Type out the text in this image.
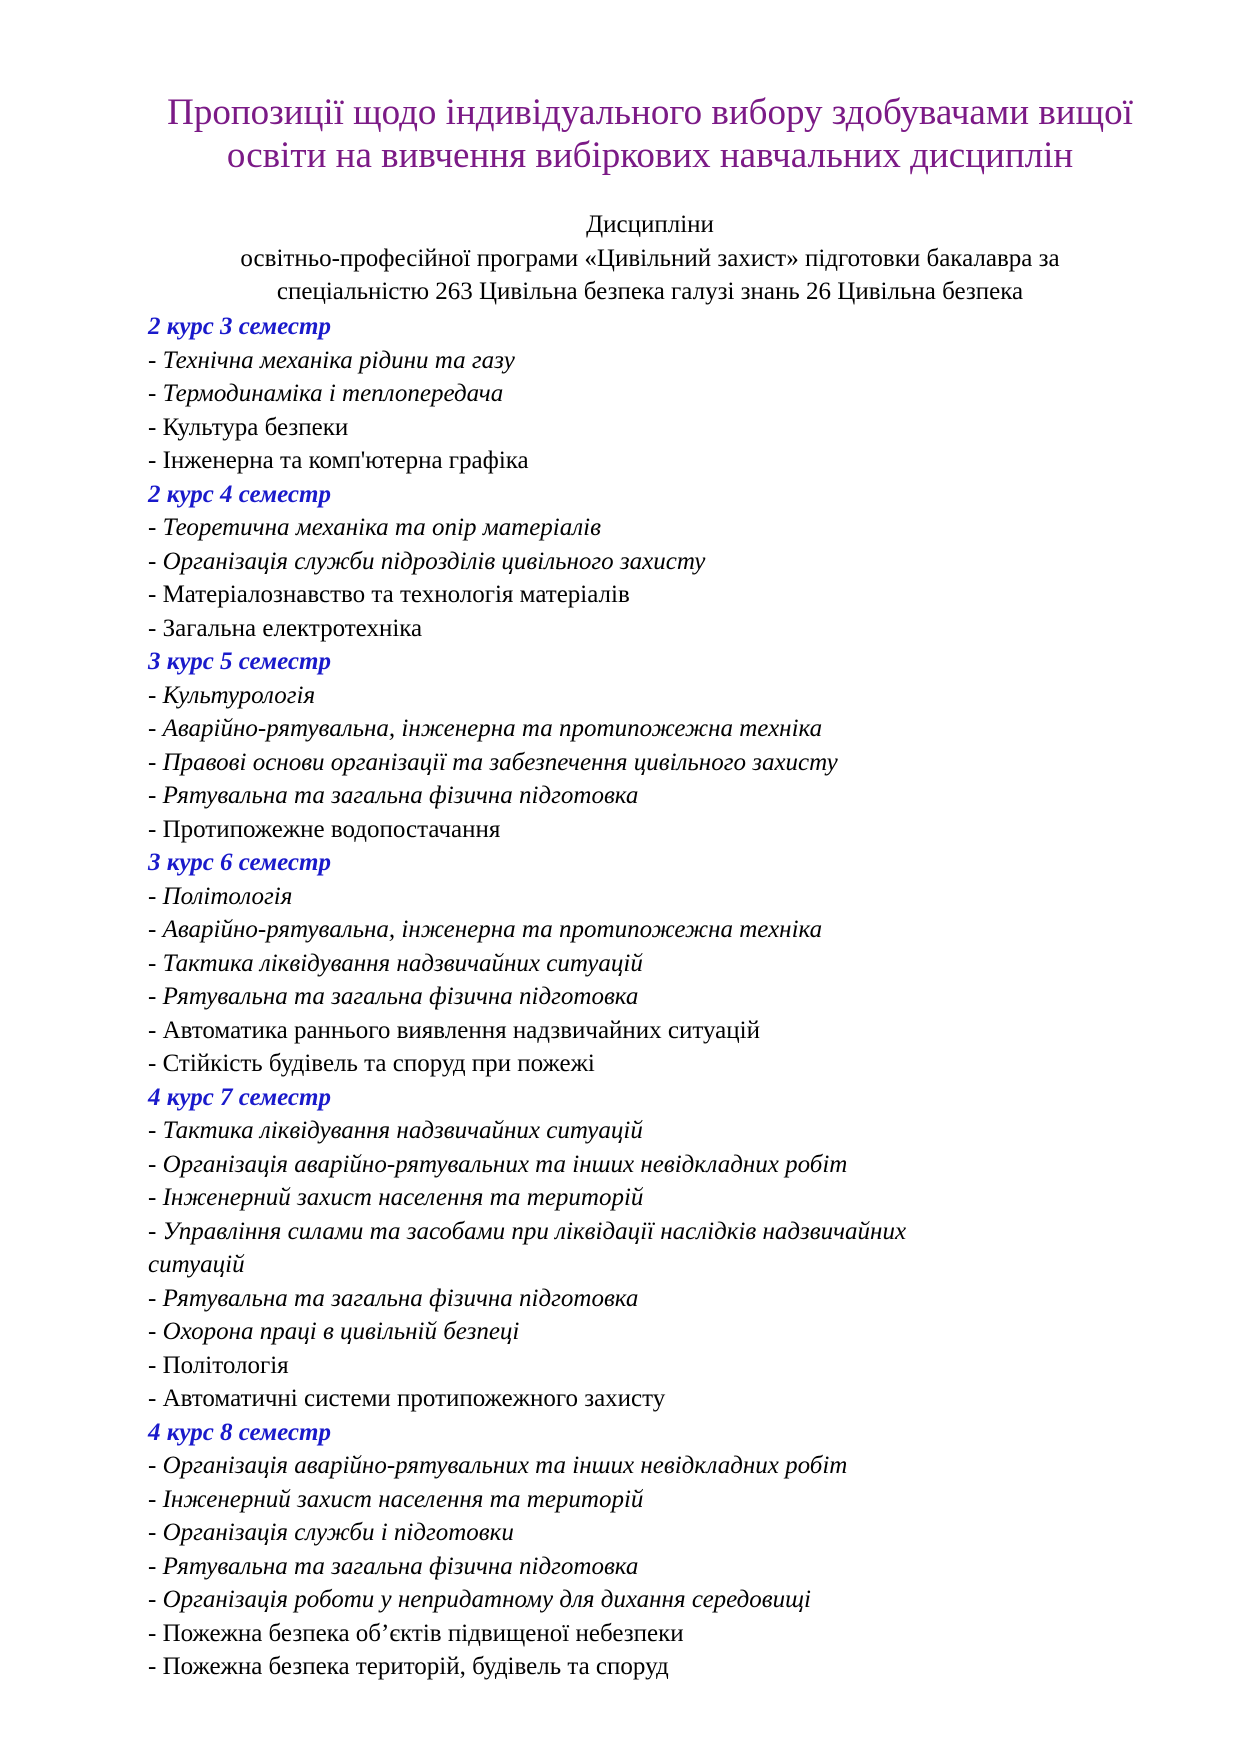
Пропозиції щодо індивідуального вибору здобувачами вищої
освіти на вивчення вибіркових навчальних дисциплін
Дисципліни
освітньо-професійної програми «Цивільний захист» підготовки бакалавра за
спеціальністю 263 Цивільна безпека галузі знань 26 Цивільна безпека
2 курс 3 семестр
- Технічна механіка рідини та газу
- Термодинаміка і теплопередача
- Культура безпеки
- Інженерна та комп'ютерна графіка
2 курс 4 семестр
- Теоретична механіка та опір матеріалів
- Організація служби підрозділів цивільного захисту
- Матеріалознавство та технологія матеріалів
- Загальна електротехніка
3 курс 5 семестр
- Культурологія
- Аварійно-рятувальна, інженерна та протипожежна техніка
- Правові основи організації та забезпечення цивільного захисту
- Рятувальна та загальна фізична підготовка
- Протипожежне водопостачання
3 курс 6 семестр
- Політологія
- Аварійно-рятувальна, інженерна та протипожежна техніка
- Тактика ліквідування надзвичайних ситуацій
- Рятувальна та загальна фізична підготовка
- Автоматика раннього виявлення надзвичайних ситуацій
- Стійкість будівель та споруд при пожежі
4 курс 7 семестр
- Тактика ліквідування надзвичайних ситуацій
- Організація аварійно-рятувальних та інших невідкладних робіт
- Інженерний захист населення та територій
- Управління силами та засобами при ліквідації наслідків надзвичайних
ситуацій
- Рятувальна та загальна фізична підготовка
- Охорона праці в цивільній безпеці
- Політологія
- Автоматичні системи протипожежного захисту
4 курс 8 семестр
- Організація аварійно-рятувальних та інших невідкладних робіт
- Інженерний захист населення та територій
- Організація служби і підготовки
- Рятувальна та загальна фізична підготовка
- Організація роботи у непридатному для дихання середовищі
- Пожежна безпека об’єктів підвищеної небезпеки
- Пожежна безпека територій, будівель та споруд
